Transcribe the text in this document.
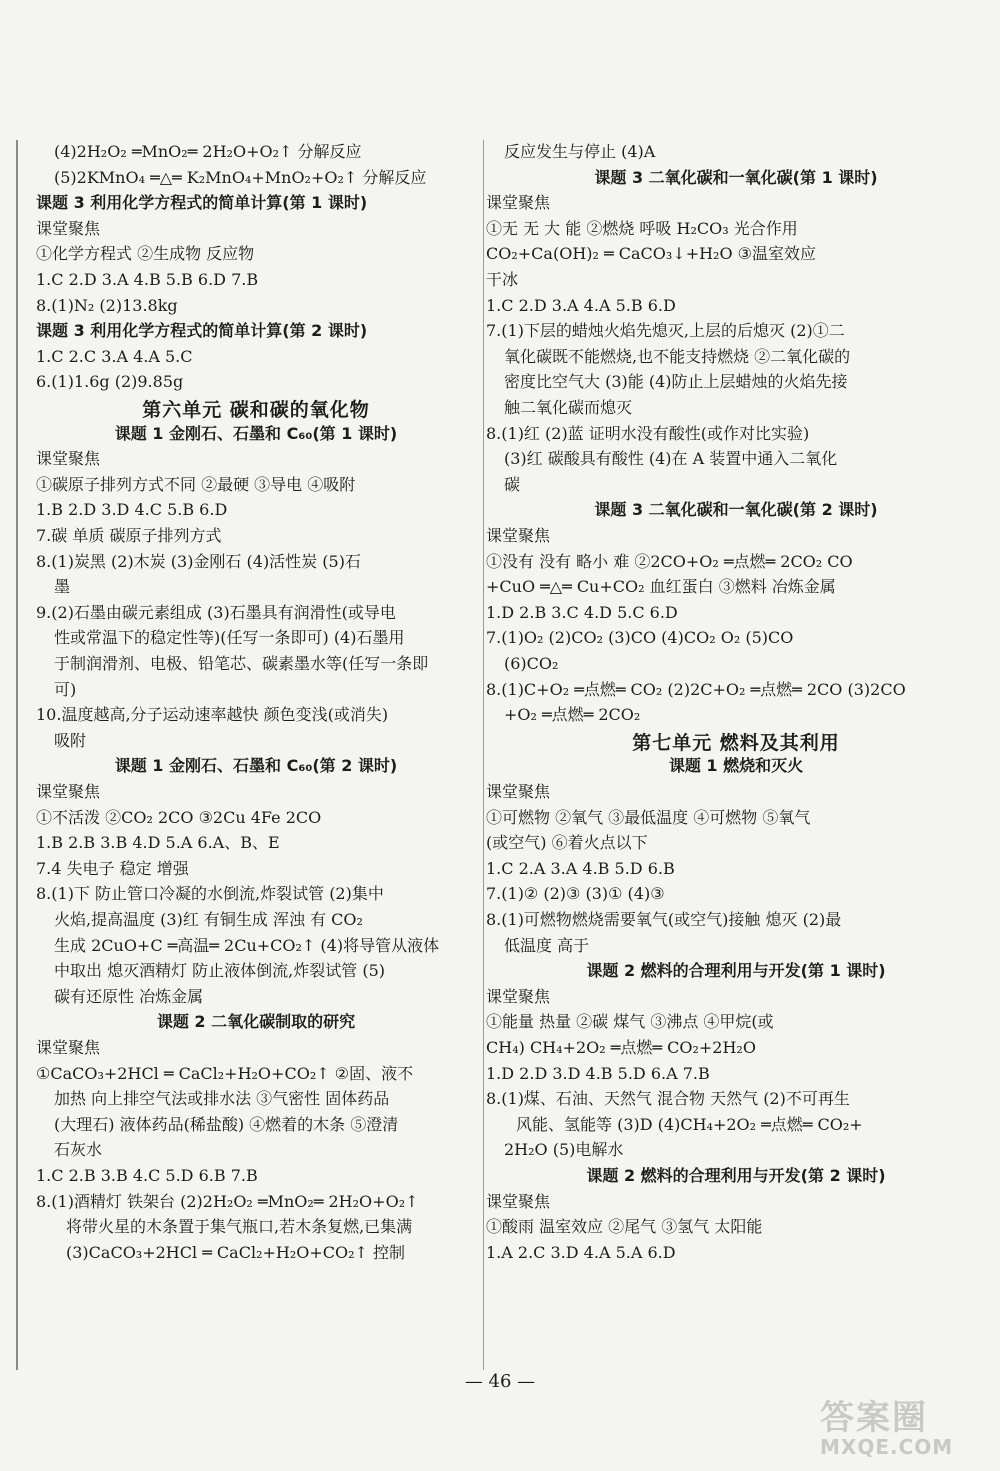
(4)2H₂O₂ ═MnO₂═ 2H₂O+O₂↑ 分解反应
(5)2KMnO₄ ═△═ K₂MnO₄+MnO₂+O₂↑ 分解反应
课题 3 利用化学方程式的简单计算(第 1 课时)
课堂聚焦
①化学方程式 ②生成物 反应物
1.C 2.D 3.A 4.B 5.B 6.D 7.B
8.(1)N₂ (2)13.8kg
课题 3 利用化学方程式的简单计算(第 2 课时)
1.C 2.C 3.A 4.A 5.C
6.(1)1.6g (2)9.85g
第六单元 碳和碳的氧化物
课题 1 金刚石、石墨和 C₆₀(第 1 课时)
课堂聚焦
①碳原子排列方式不同 ②最硬 ③导电 ④吸附
1.B 2.D 3.D 4.C 5.B 6.D
7.碳 单质 碳原子排列方式
8.(1)炭黑 (2)木炭 (3)金刚石 (4)活性炭 (5)石
墨
9.(2)石墨由碳元素组成 (3)石墨具有润滑性(或导电
性或常温下的稳定性等)(任写一条即可) (4)石墨用
于制润滑剂、电极、铅笔芯、碳素墨水等(任写一条即
可)
10.温度越高,分子运动速率越快 颜色变浅(或消失)
吸附
课题 1 金刚石、石墨和 C₆₀(第 2 课时)
课堂聚焦
①不活泼 ②CO₂ 2CO ③2Cu 4Fe 2CO
1.B 2.B 3.B 4.D 5.A 6.A、B、E
7.4 失电子 稳定 增强
8.(1)下 防止管口冷凝的水倒流,炸裂试管 (2)集中
火焰,提高温度 (3)红 有铜生成 浑浊 有 CO₂
生成 2CuO+C ═高温═ 2Cu+CO₂↑ (4)将导管从液体
中取出 熄灭酒精灯 防止液体倒流,炸裂试管 (5)
碳有还原性 冶炼金属
课题 2 二氧化碳制取的研究
课堂聚焦
①CaCO₃+2HCl ═ CaCl₂+H₂O+CO₂↑ ②固、液不
加热 向上排空气法或排水法 ③气密性 固体药品
(大理石) 液体药品(稀盐酸) ④燃着的木条 ⑤澄清
石灰水
1.C 2.B 3.B 4.C 5.D 6.B 7.B
8.(1)酒精灯 铁架台 (2)2H₂O₂ ═MnO₂═ 2H₂O+O₂↑
将带火星的木条置于集气瓶口,若木条复燃,已集满
(3)CaCO₃+2HCl ═ CaCl₂+H₂O+CO₂↑ 控制
反应发生与停止 (4)A
课题 3 二氧化碳和一氧化碳(第 1 课时)
课堂聚焦
①无 无 大 能 ②燃烧 呼吸 H₂CO₃ 光合作用
CO₂+Ca(OH)₂ ═ CaCO₃↓+H₂O ③温室效应
干冰
1.C 2.D 3.A 4.A 5.B 6.D
7.(1)下层的蜡烛火焰先熄灭,上层的后熄灭 (2)①二
氧化碳既不能燃烧,也不能支持燃烧 ②二氧化碳的
密度比空气大 (3)能 (4)防止上层蜡烛的火焰先接
触二氧化碳而熄灭
8.(1)红 (2)蓝 证明水没有酸性(或作对比实验)
(3)红 碳酸具有酸性 (4)在 A 装置中通入二氧化
碳
课题 3 二氧化碳和一氧化碳(第 2 课时)
课堂聚焦
①没有 没有 略小 难 ②2CO+O₂ ═点燃═ 2CO₂ CO
+CuO ═△═ Cu+CO₂ 血红蛋白 ③燃料 冶炼金属
1.D 2.B 3.C 4.D 5.C 6.D
7.(1)O₂ (2)CO₂ (3)CO (4)CO₂ O₂ (5)CO
(6)CO₂
8.(1)C+O₂ ═点燃═ CO₂ (2)2C+O₂ ═点燃═ 2CO (3)2CO
+O₂ ═点燃═ 2CO₂
第七单元 燃料及其利用
课题 1 燃烧和灭火
课堂聚焦
①可燃物 ②氧气 ③最低温度 ④可燃物 ⑤氧气
(或空气) ⑥着火点以下
1.C 2.A 3.A 4.B 5.D 6.B
7.(1)② (2)③ (3)① (4)③
8.(1)可燃物燃烧需要氧气(或空气)接触 熄灭 (2)最
低温度 高于
课题 2 燃料的合理利用与开发(第 1 课时)
课堂聚焦
①能量 热量 ②碳 煤气 ③沸点 ④甲烷(或
CH₄) CH₄+2O₂ ═点燃═ CO₂+2H₂O
1.D 2.D 3.D 4.B 5.D 6.A 7.B
8.(1)煤、石油、天然气 混合物 天然气 (2)不可再生
风能、氢能等 (3)D (4)CH₄+2O₂ ═点燃═ CO₂+
2H₂O (5)电解水
课题 2 燃料的合理利用与开发(第 2 课时)
课堂聚焦
①酸雨 温室效应 ②尾气 ③氢气 太阳能
1.A 2.C 3.D 4.A 5.A 6.D
— 46 —
答案圈
MXQE.COM
